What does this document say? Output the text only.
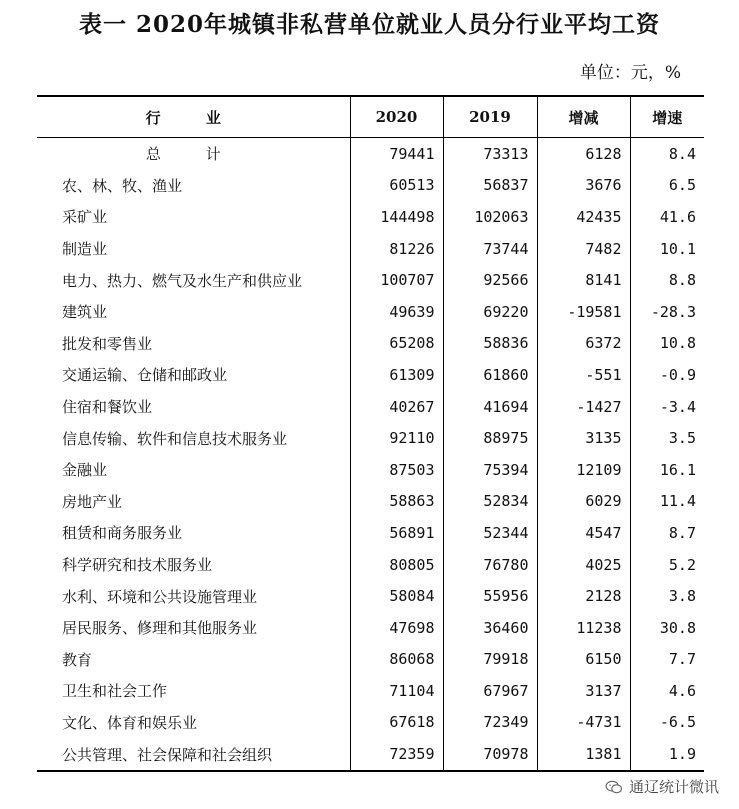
表一 2020年城镇非私营单位就业人员分行业平均工资
单位：元，%
行 业	2020	2019	增减	增速
总 计	79441	73313	6128	8.4
农、林、牧、渔业	60513	56837	3676	6.5
采矿业	144498	102063	42435	41.6
制造业	81226	73744	7482	10.1
电力、热力、燃气及水生产和供应业	100707	92566	8141	8.8
建筑业	49639	69220	-19581	-28.3
批发和零售业	65208	58836	6372	10.8
交通运输、仓储和邮政业	61309	61860	-551	-0.9
住宿和餐饮业	40267	41694	-1427	-3.4
信息传输、软件和信息技术服务业	92110	88975	3135	3.5
金融业	87503	75394	12109	16.1
房地产业	58863	52834	6029	11.4
租赁和商务服务业	56891	52344	4547	8.7
科学研究和技术服务业	80805	76780	4025	5.2
水利、环境和公共设施管理业	58084	55956	2128	3.8
居民服务、修理和其他服务业	47698	36460	11238	30.8
教育	86068	79918	6150	7.7
卫生和社会工作	71104	67967	3137	4.6
文化、体育和娱乐业	67618	72349	-4731	-6.5
公共管理、社会保障和社会组织	72359	70978	1381	1.9
通辽统计微讯
